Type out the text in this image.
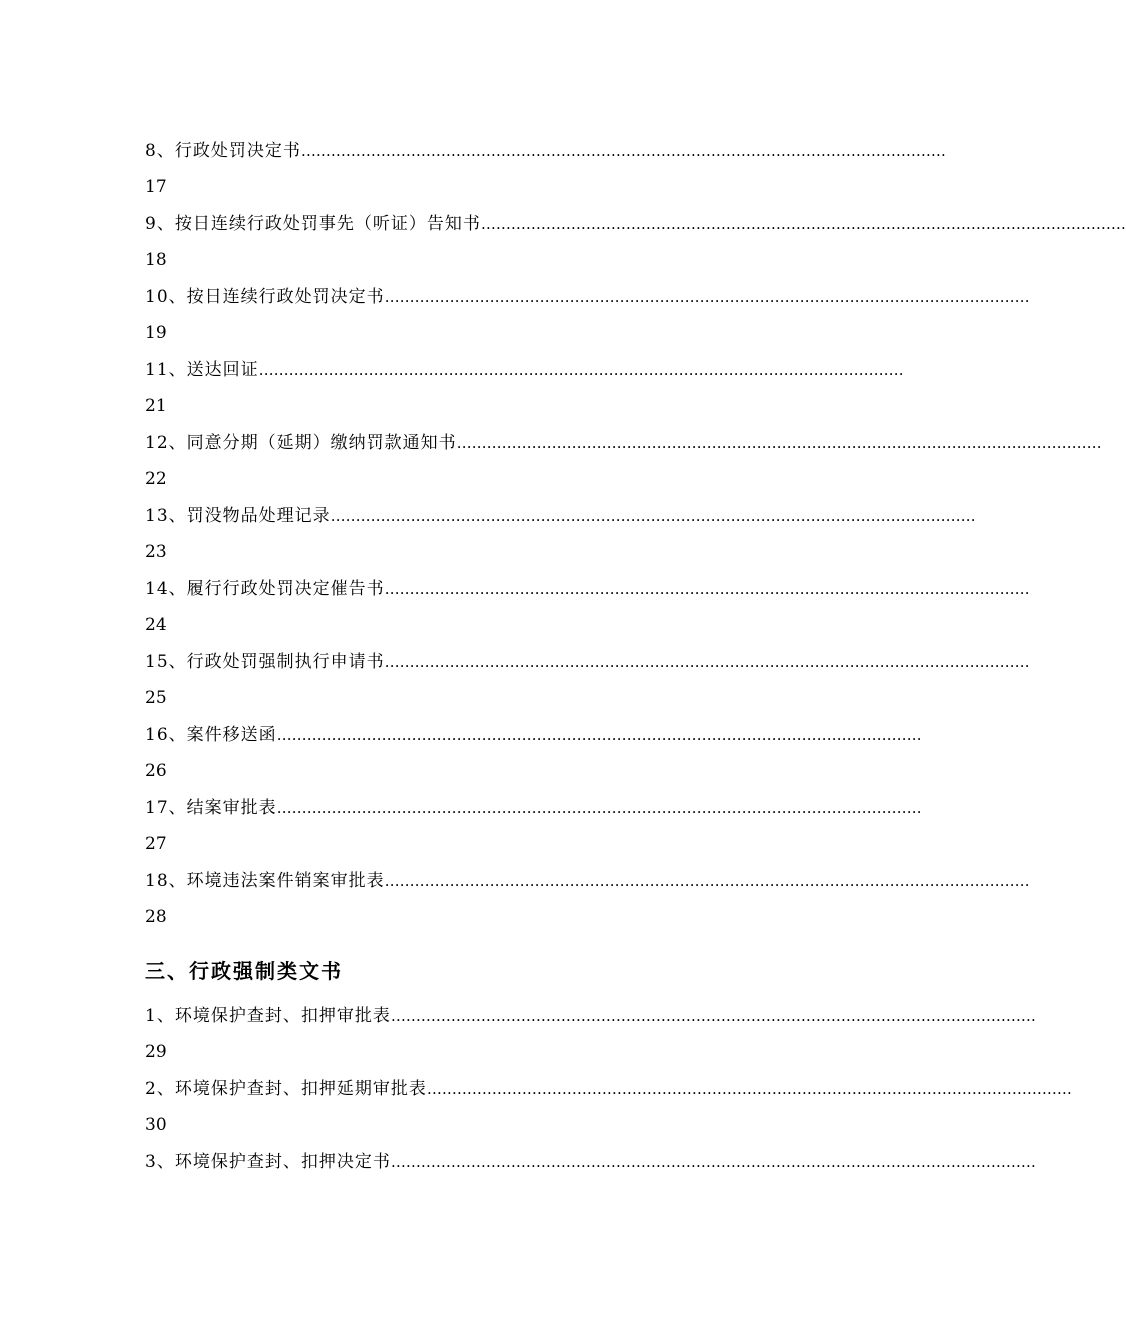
8、行政处罚决定书 …………………………………………………………………………………………………………………
17
9、按日连续行政处罚事先（听证）告知书 …………………………………………………………………………………………………………………
18
10、按日连续行政处罚决定书 …………………………………………………………………………………………………………………
19
11、送达回证 …………………………………………………………………………………………………………………
21
12、同意分期（延期）缴纳罚款通知书 …………………………………………………………………………………………………………………
22
13、罚没物品处理记录 …………………………………………………………………………………………………………………
23
14、履行行政处罚决定催告书 …………………………………………………………………………………………………………………
24
15、行政处罚强制执行申请书 …………………………………………………………………………………………………………………
25
16、案件移送函 …………………………………………………………………………………………………………………
26
17、结案审批表 …………………………………………………………………………………………………………………
27
18、环境违法案件销案审批表 …………………………………………………………………………………………………………………
28
三、行政强制类文书
1、环境保护查封、扣押审批表 …………………………………………………………………………………………………………………
29
2、环境保护查封、扣押延期审批表 …………………………………………………………………………………………………………………
30
3、环境保护查封、扣押决定书 …………………………………………………………………………………………………………………
